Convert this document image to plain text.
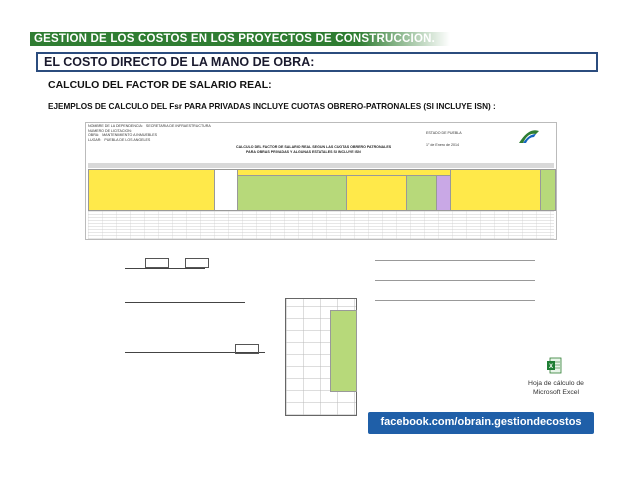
GESTION DE LOS COSTOS EN LOS PROYECTOS DE CONSTRUCCION.
EL COSTO DIRECTO DE LA MANO DE OBRA:
CALCULO DEL FACTOR DE SALARIO REAL:
EJEMPLOS DE CALCULO DEL Fsr PARA PRIVADAS INCLUYE CUOTAS OBRERO-PATRONALES (SI INCLUYE ISN) :
NOMBRE DE LA DEPENDENCIA: SECRETARIA DE INFRAESTRUCTURA
NUMERO DE LICITACION:
OBRA: MANTENIMIENTO A INMUEBLES
LUGAR: PUEBLA DE LOS ANGELES
CALCULO DEL FACTOR DE SALARIO REAL SEGUN LAS CUOTAS OBRERO PATRONALES
PARA OBRAS PRIVADAS Y ALGUNAS ESTATALES SI INCLUYE ISN
ESTADO DE PUEBLA
1° de Enero de 2014
X
Hoja de cálculo de Microsoft Excel
facebook.com/obrain.gestiondecostos
